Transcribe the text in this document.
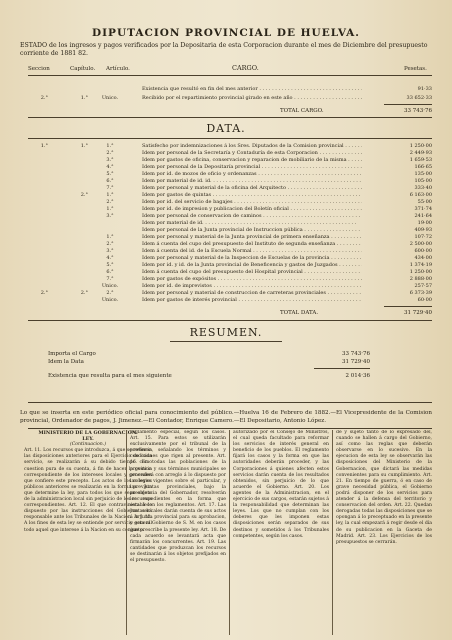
DIPUTACION PROVINCIAL DE HUELVA.
ESTADO de los ingresos y pagos verificados por la Depositaria de esta Corporacion durante el mes de Diciembre del presupuesto corriente de 1881 82.
Seccion	Capítulo. Artículo.	CARGO.	Pesetas.
Existencia que resultó en fin del mes anterior . . .	91·33
2.°	1.°	Unico.	Recibido por el repartimiento provincial girado en este año . . .	33 652·33
TOTAL CARGO.	33 743·76
DATA.
1.°	1.°	1.°	Satisfecho por indemnizaciones á los Sres. Diputados de la Comision provincial . . .	1 250·00
2.°	Idem por personal de la Secretaría y Contaduría de esta Corporacion . . .	2 449·93
3.°	Idem por gastos de oficina, conservacion y reparacion de mobiliario de la misma . . .	1 659·53
4.°	Idem por personal de la Depositaría provincial . . .	166·65
5.°	Idem por id. de mozos de oficio y ordenanzas . . .	135·00
6.°	Idem por material de id. id. . . .	105·00
7.°	Idem por personal y material de la oficina del Arquitecto . . .	333·40
2.°	1.°	Idem por gastos de quintas . . .	6 163·00
2.°	Idem por id. del servicio de bagajes . . .	55·00
1.°	Idem por id. de impresion y publicacion del Boletín oficial . . .	371·74
3.°	Idem por personal de conservacion de caminos . . .	241·64
Idem por material de id. . . .	19·00
Idem por personal de la Junta provincial de Instruccion pública . . .	409·93
1.°	Idem por personal y material de la Junta provincial de primera enseñanza . . .	107·72
2.°	Idem á cuenta del cupo del presupuesto del Instituto de segunda enseñanza . . .	2 500·00
3.°	Idem á cuenta del id. de la Escuela Normal . . .	600·00
4.°	Idem por personal y material de la Inspeccion de Escuelas de la provincia . . .	434·00
5.°	Idem por id. y id. de la Junta provincial de Beneficencia y gastos de Juzgados . . .	1 374·19
6.°	Idem á cuenta del cupo del presupuesto del Hospital provincial . . .	1 250·00
7.°	Idem por gastos de expósitos . . .	2 888·00
Unico.	Idem por id. de imprevistos . . .	257·57
2.°	2.°	2.°	Idem por personal y material de construccion de carreteras provinciales . . .	6 373·39
Unico.	Idem por gastos de interés provincial . . .	60·00
TOTAL DATA.	31 729·40
RESUMEN.
Importa el Cargo	33 743·76
Idem la Data	31 729·40
Existencia que resulta para el mes siguiente	2 014·36
Lo que se inserta en este periódico oficial para conocimiento del público.—Huelva 16 de Febrero de 1882.—El Vicepresidente de la Comision provincial, Ordenador de pagos, J. Jimenez.—El Contador, Enrique Camero.—El Depositario, Antonio López.
MINISTERIO DE LA GOBERNACION.
LEY.
(Continuacion.)
Art. 11. Los recursos que introduzca, á que se refieren las disposiciones anteriores para el Ejercicio de cada servicio, se realizarán á su debido tiempo como cuestion pura de su cuenta, á fin de hacer la gestion correspondiente de los intereses locales y generales que confiere este precepto. Los actos de los colegios públicos anteriores se realizarán en la forma prevista que determine la ley, para todos los que sean objeto de la administracion local sin perjuicio de los recursos correspondientes. Art. 12. El que contraviniera á lo dispuesto por las instrucciones del Gobierno será responsable ante los Tribunales de la Nacion. Art. 13. A los fines de esta ley se entiende por servicio general todo aquel que interese á la Nacion en su conjunto.
reglamento especial, según los casos. Art. 15. Para estos se utilizarán exclusivamente por el tribunal de la provincia, señalando los términos y condiciones que rigen al presente. Art. 16. En todas las poblaciones de la provincia y sus términos municipales se procederá con arreglo á lo dispuesto por las leyes vigentes sobre el particular, y las Juntas provinciales, bajo la presidencia del Gobernador, resolverán los expedientes en la forma que establecen los reglamentos. Art. 17. Las Juntas locales darán cuenta de sus actos á la Junta provincial para su aprobacion, y esta al Gobierno de S. M. en los casos que prescribe la presente ley. Art. 18. De cada acuerdo se levantará acta que firmarán los concurrentes. Art. 19. Las cantidades que produzcan los recursos se destinarán á los objetos prefijados en el presupuesto.
autorizado por el Consejo de Ministros, el cual queda facultado para reformar los servicios de interés general en beneficio de los pueblos. El reglamento fijará los casos y la forma en que las autoridades deberán proceder, y las Corporaciones á quienes afecten estos servicios darán cuenta de los resultados obtenidos, sin perjuicio de lo que acuerde el Gobierno. Art. 20. Los agentes de la Administracion, en el ejercicio de sus cargos, estarán sujetos á la responsabilidad que determinan las leyes. Los que no cumplan con los deberes que les imponen estas disposiciones serán separados de sus destinos y sometidos á los Tribunales competentes, según los casos.
de y sujeto tanto de lo expresado del, cuando se hallen á cargo del Gobierno, así como las reglas que deberán observarse en lo sucesivo. En la ejecucion de esta ley se observarán las disposiciones del Ministerio de la Gobernacion, que dictará las medidas convenientes para su cumplimiento. Art. 21. En tiempo de guerra, ó en caso de grave necesidad pública, el Gobierno podrá disponer de los servicios para atender á la defensa del territorio y conservacion del orden. Art. 22. Quedan derogadas todas las disposiciones que se opongan á lo preceptuado en la presente ley, la cual empezará á regir desde el día de su publicacion en la Gaceta de Madrid. Art. 23. Los Ejercicios de los presupuestos se cerrarán.
